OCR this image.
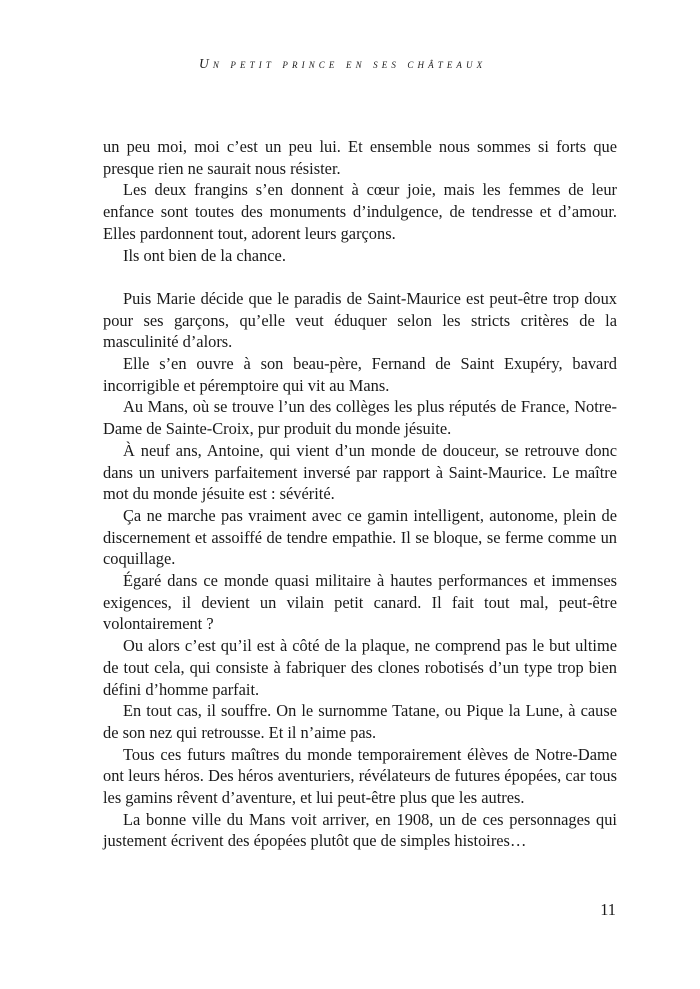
Un petit prince en ses châteaux

un peu moi, moi c’est un peu lui. Et ensemble nous sommes si forts que presque rien ne saurait nous résister.

Les deux frangins s’en donnent à cœur joie, mais les femmes de leur enfance sont toutes des monuments d’indulgence, de tendresse et d’amour. Elles pardonnent tout, adorent leurs garçons.

Ils ont bien de la chance.

Puis Marie décide que le paradis de Saint-Maurice est peut-être trop doux pour ses garçons, qu’elle veut éduquer selon les stricts critères de la masculinité d’alors.

Elle s’en ouvre à son beau-père, Fernand de Saint Exupéry, bavard incorrigible et péremptoire qui vit au Mans.

Au Mans, où se trouve l’un des collèges les plus réputés de France, Notre-Dame de Sainte-Croix, pur produit du monde jésuite.

À neuf ans, Antoine, qui vient d’un monde de douceur, se retrouve donc dans un univers parfaitement inversé par rapport à Saint-Maurice. Le maître mot du monde jésuite est : sévérité.

Ça ne marche pas vraiment avec ce gamin intelligent, autonome, plein de discernement et assoiffé de tendre empathie. Il se bloque, se ferme comme un coquillage.

Égaré dans ce monde quasi militaire à hautes performances et immenses exigences, il devient un vilain petit canard. Il fait tout mal, peut-être volontairement ?

Ou alors c’est qu’il est à côté de la plaque, ne comprend pas le but ultime de tout cela, qui consiste à fabriquer des clones robotisés d’un type trop bien défini d’homme parfait.

En tout cas, il souffre. On le surnomme Tatane, ou Pique la Lune, à cause de son nez qui retrousse. Et il n’aime pas.

Tous ces futurs maîtres du monde temporairement élèves de Notre-Dame ont leurs héros. Des héros aventuriers, révélateurs de futures épopées, car tous les gamins rêvent d’aventure, et lui peut-être plus que les autres.

La bonne ville du Mans voit arriver, en 1908, un de ces personnages qui justement écrivent des épopées plutôt que de simples histoires…

11
